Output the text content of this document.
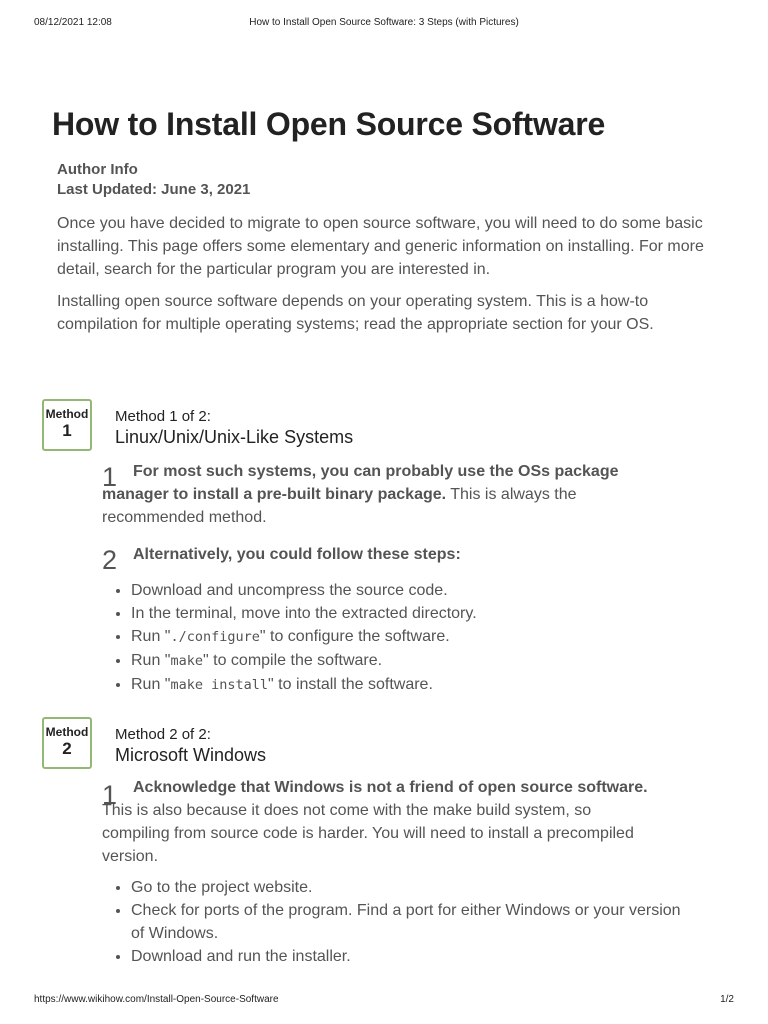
08/12/2021 12:08	How to Install Open Source Software: 3 Steps (with Pictures)
How to Install Open Source Software
Author Info
Last Updated: June 3, 2021

Once you have decided to migrate to open source software, you will need to do some basic installing. This page offers some elementary and generic information on installing. For more detail, search for the particular program you are interested in.

Installing open source software depends on your operating system. This is a how-to compilation for multiple operating systems; read the appropriate section for your OS.

Method
1
Method 1 of 2:
Linux/Unix/Unix-Like Systems
1 For most such systems, you can probably use the OSs package manager to install a pre-built binary package. This is always the recommended method.

2 Alternatively, you could follow these steps:

• Download and uncompress the source code.
• In the terminal, move into the extracted directory.
• Run "./configure" to configure the software.
• Run "make" to compile the software.
• Run "make install" to install the software.
Method
2
Method 2 of 2:
Microsoft Windows
1 Acknowledge that Windows is not a friend of open source software. This is also because it does not come with the make build system, so compiling from source code is harder. You will need to install a precompiled version.

• Go to the project website.
• Check for ports of the program. Find a port for either Windows or your version of Windows.
• Download and run the installer.
https://www.wikihow.com/Install-Open-Source-Software	1/2
